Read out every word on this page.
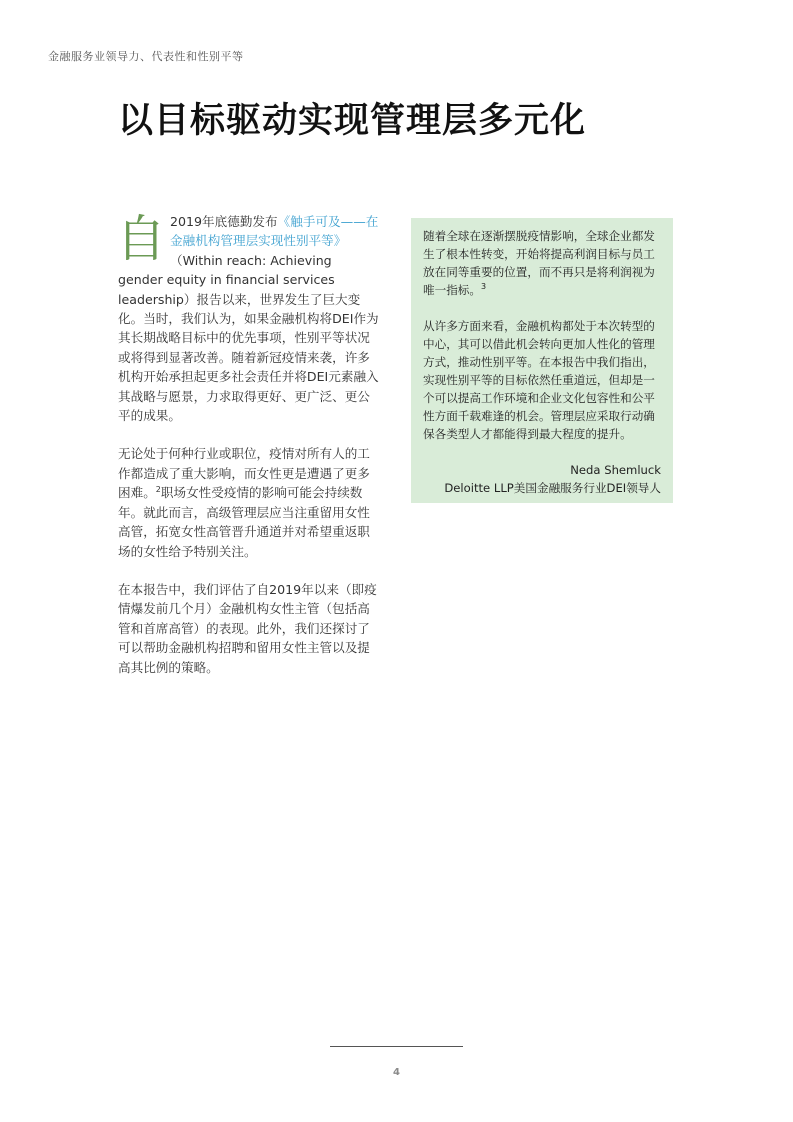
金融服务业领导力、代表性和性别平等
以目标驱动实现管理层多元化

自 2019年底德勤发布《触手可及——在金融机构管理层实现性别平等》（Within reach: Achieving gender equity in financial services leadership）报告以来，世界发生了巨大变化。当时，我们认为，如果金融机构将DEI作为其长期战略目标中的优先事项，性别平等状况或将得到显著改善。随着新冠疫情来袭，许多机构开始承担起更多社会责任并将DEI元素融入其战略与愿景，力求取得更好、更广泛、更公平的成果。

无论处于何种行业或职位，疫情对所有人的工作都造成了重大影响，而女性更是遭遇了更多困难。$^2$职场女性受疫情的影响可能会持续数年。就此而言，高级管理层应当注重留用女性高管，拓宽女性高管晋升通道并对希望重返职场的女性给予特别关注。

在本报告中，我们评估了自2019年以来（即疫情爆发前几个月）金融机构女性主管（包括高管和首席高管）的表现。此外，我们还探讨了可以帮助金融机构招聘和留用女性主管以及提高其比例的策略。

随着全球在逐渐摆脱疫情影响，全球企业都发生了根本性转变，开始将提高利润目标与员工放在同等重要的位置，而不再只是将利润视为唯一指标。$^3$

从许多方面来看，金融机构都处于本次转型的中心，其可以借此机会转向更加人性化的管理方式，推动性别平等。在本报告中我们指出，实现性别平等的目标依然任重道远，但却是一个可以提高工作环境和企业文化包容性和公平性方面千载难逢的机会。管理层应采取行动确保各类型人才都能得到最大程度的提升。

Neda Shemluck

Deloitte LLP美国金融服务行业DEI领导人

4
